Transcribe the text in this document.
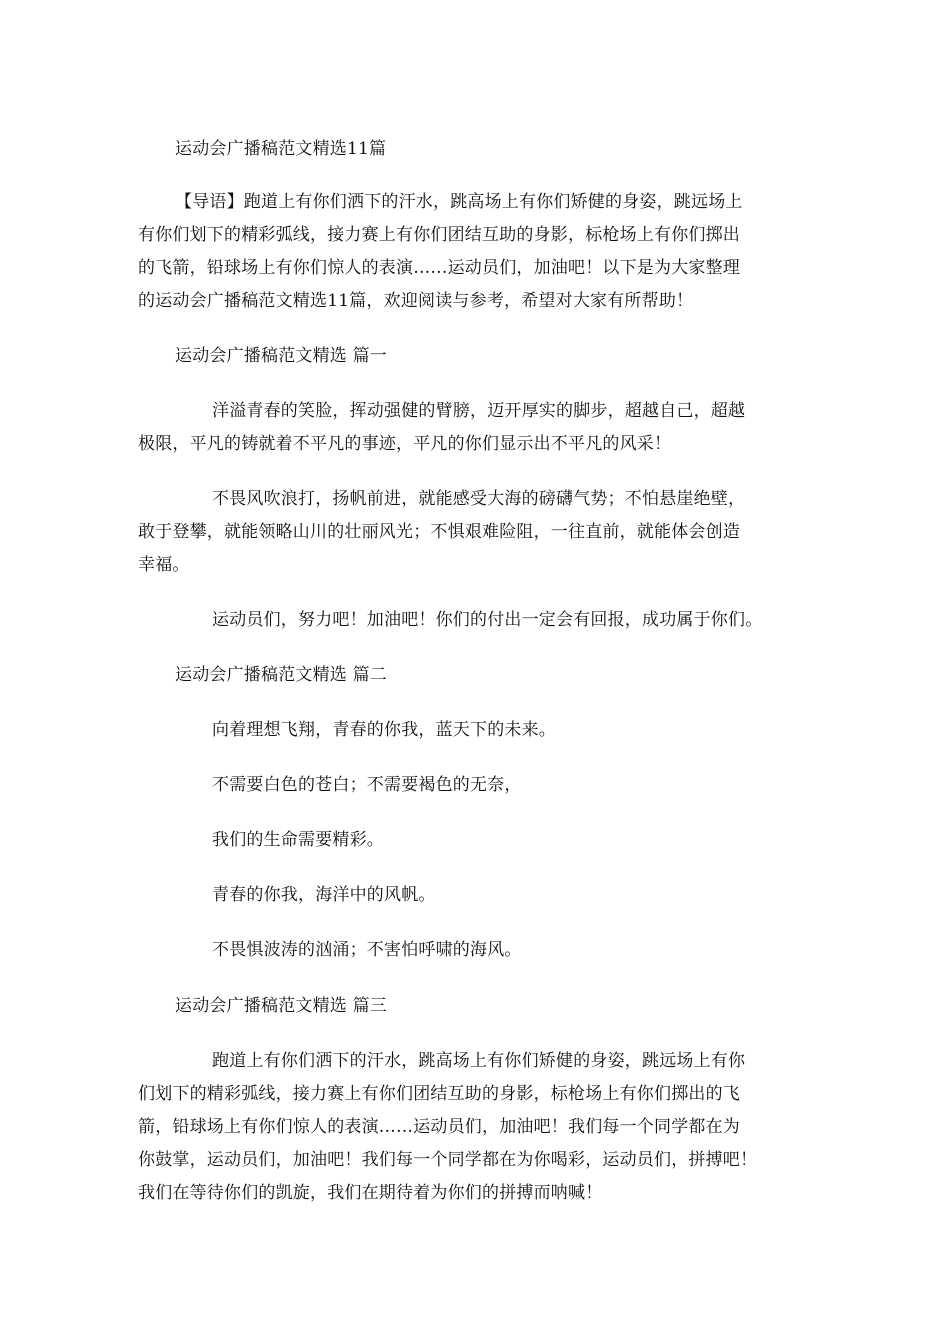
运动会广播稿范文精选11篇
【导语】跑道上有你们洒下的汗水，跳高场上有你们矫健的身姿，跳远场上
有你们划下的精彩弧线，接力赛上有你们团结互助的身影，标枪场上有你们掷出
的飞箭，铅球场上有你们惊人的表演……运动员们，加油吧！以下是为大家整理
的运动会广播稿范文精选11篇，欢迎阅读与参考，希望对大家有所帮助！
运动会广播稿范文精选 篇一
洋溢青春的笑脸，挥动强健的臂膀，迈开厚实的脚步，超越自己，超越
极限，平凡的铸就着不平凡的事迹，平凡的你们显示出不平凡的风采！
不畏风吹浪打，扬帆前进，就能感受大海的磅礴气势；不怕悬崖绝壁，
敢于登攀，就能领略山川的壮丽风光；不惧艰难险阻，一往直前，就能体会创造
幸福。
运动员们，努力吧！加油吧！你们的付出一定会有回报，成功属于你们。
运动会广播稿范文精选 篇二
向着理想飞翔，青春的你我，蓝天下的未来。
不需要白色的苍白；不需要褐色的无奈，
我们的生命需要精彩。
青春的你我，海洋中的风帆。
不畏惧波涛的汹涌；不害怕呼啸的海风。
运动会广播稿范文精选 篇三
跑道上有你们洒下的汗水，跳高场上有你们矫健的身姿，跳远场上有你
们划下的精彩弧线，接力赛上有你们团结互助的身影，标枪场上有你们掷出的飞
箭，铅球场上有你们惊人的表演……运动员们，加油吧！我们每一个同学都在为
你鼓掌，运动员们，加油吧！我们每一个同学都在为你喝彩，运动员们，拼搏吧！
我们在等待你们的凯旋，我们在期待着为你们的拼搏而呐喊！
